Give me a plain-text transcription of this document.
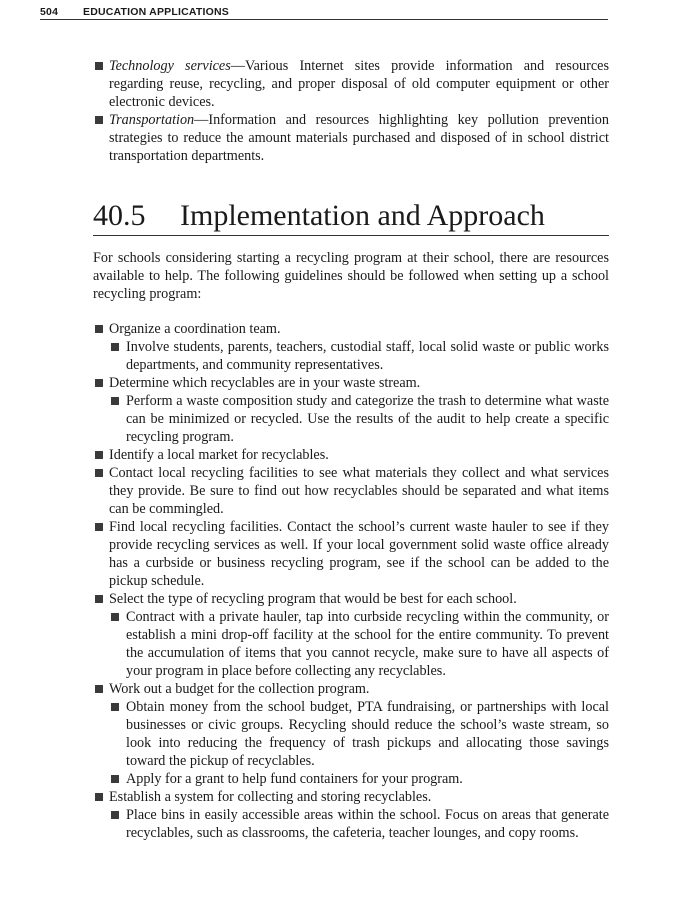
504 EDUCATION APPLICATIONS
Technology services—Various Internet sites provide information and resources regarding reuse, recycling, and proper disposal of old computer equipment or other electronic devices.
Transportation—Information and resources highlighting key pollution prevention strategies to reduce the amount materials purchased and disposed of in school district transportation departments.
40.5 Implementation and Approach
For schools considering starting a recycling program at their school, there are resources available to help. The following guidelines should be followed when setting up a school recycling program:
Organize a coordination team.
Involve students, parents, teachers, custodial staff, local solid waste or public works departments, and community representatives.
Determine which recyclables are in your waste stream.
Perform a waste composition study and categorize the trash to determine what waste can be minimized or recycled. Use the results of the audit to help create a specific recycling program.
Identify a local market for recyclables.
Contact local recycling facilities to see what materials they collect and what services they provide. Be sure to find out how recyclables should be separated and what items can be commingled.
Find local recycling facilities. Contact the school’s current waste hauler to see if they provide recycling services as well. If your local government solid waste office already has a curbside or business recycling program, see if the school can be added to the pickup schedule.
Select the type of recycling program that would be best for each school.
Contract with a private hauler, tap into curbside recycling within the community, or establish a mini drop-off facility at the school for the entire community. To prevent the accumulation of items that you cannot recycle, make sure to have all aspects of your program in place before collecting any recyclables.
Work out a budget for the collection program.
Obtain money from the school budget, PTA fundraising, or partnerships with local businesses or civic groups. Recycling should reduce the school’s waste stream, so look into reducing the frequency of trash pickups and allocating those savings toward the pickup of recyclables.
Apply for a grant to help fund containers for your program.
Establish a system for collecting and storing recyclables.
Place bins in easily accessible areas within the school. Focus on areas that generate recyclables, such as classrooms, the cafeteria, teacher lounges, and copy rooms.
